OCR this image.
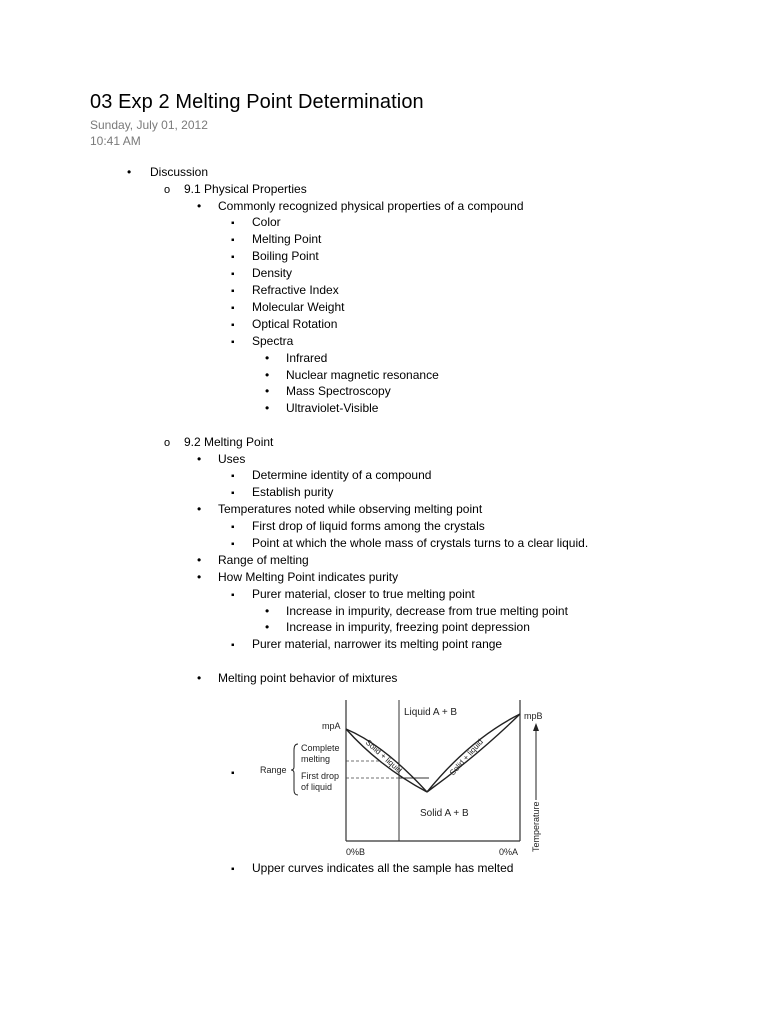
03 Exp 2 Melting Point Determination
Sunday, July 01, 2012
10:41 AM
•
Discussion
o
9.1 Physical Properties
•
Commonly recognized physical properties of a compound
▪
Color
▪
Melting Point
▪
Boiling Point
▪
Density
▪
Refractive Index
▪
Molecular Weight
▪
Optical Rotation
▪
Spectra
•
Infrared
•
Nuclear magnetic resonance
•
Mass Spectroscopy
•
Ultraviolet-Visible
o
9.2 Melting Point
•
Uses
▪
Determine identity of a compound
▪
Establish purity
•
Temperatures noted while observing melting point
▪
First drop of liquid forms among the crystals
▪
Point at which the whole mass of crystals turns to a clear liquid.
•
Range of melting
•
How Melting Point indicates purity
▪
Purer material, closer to true melting point
•
Increase in impurity, decrease from true melting point
•
Increase in impurity, freezing point depression
▪
Purer material, narrower its melting point range
•
Melting point behavior of mixtures
▪
▪
Upper curves indicates all the sample has melted
Liquid A + B
Solid A + B
Solid + liquid	Solid + liquid
mpA
mpB
Range
Complete
melting
First drop
of liquid
0%B	0%A Temperature
